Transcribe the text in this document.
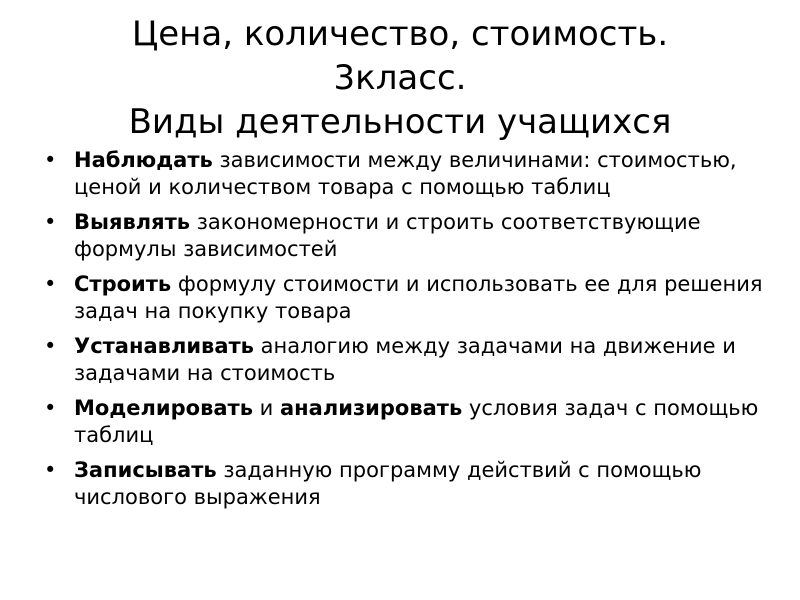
Цена, количество, стоимость.
3класс.
Виды деятельности учащихся
• Наблюдать зависимости между величинами: стоимостью, ценой и количеством товара с помощью таблиц
• Выявлять закономерности и строить соответствующие формулы зависимостей
• Строить формулу стоимости и использовать ее для решения задач на покупку товара
• Устанавливать аналогию между задачами на движение и задачами на стоимость
• Моделировать и анализировать условия задач с помощью таблиц
• Записывать заданную программу действий с помощью числового выражения
